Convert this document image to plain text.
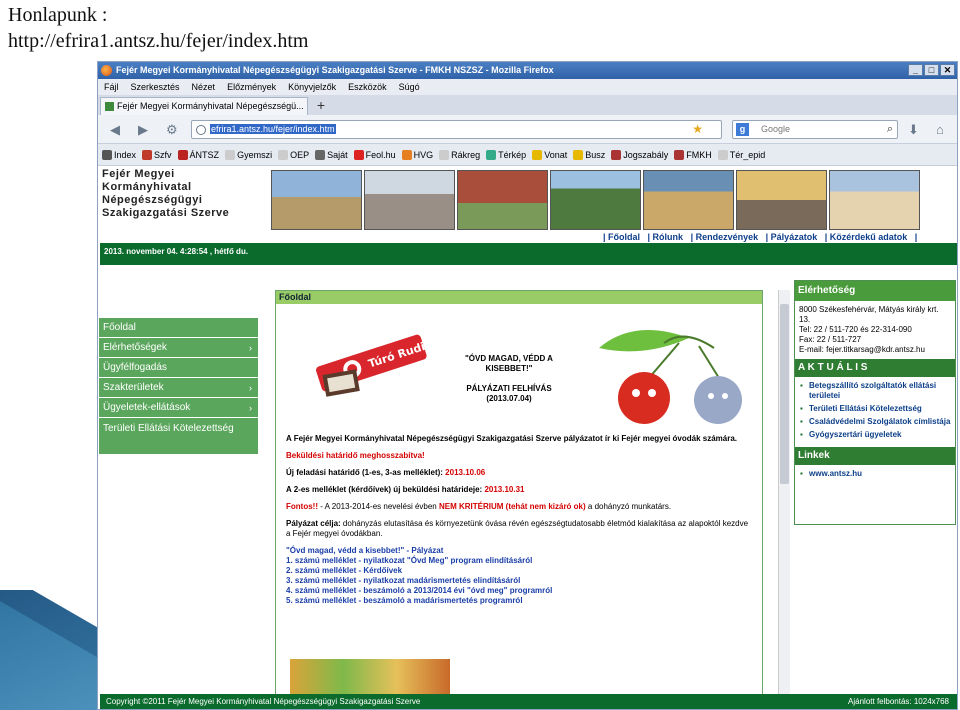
Honlapunk :
http://efrira1.antsz.hu/fejer/index.htm
Fejér Megyei Kormányhivatal Népegészségügyi Szakigazgatási Szerve - FMKH NSZSZ - Mozilla Firefox	_	□	✕
Fájl Szerkesztés Nézet Előzmények Könyvjelzők Eszközök Súgó
Fejér Megyei Kormányhivatal Népegészségü... +
◀ ▶ ⚙	efrira1.antsz.hu/fejer/index.htm	★	g	Google	⌕ ⬇ ⌂
Index Szfv ÁNTSZ Gyemszi OEP Saját Feol.hu HVG Rákreg Térkép Vonat Busz Jogszabály FMKH Tér_epid
Fejér Megyei
Kormányhivatal
Népegészségügyi
Szakigazgatási Szerve
| Főoldal | Rólunk | Rendezvények | Pályázatok | Közérdekű adatok |
2013. november 04. 4:28:54 , hétfő du.
Főoldal
Elérhetőségek	›
Ügyfélfogadás
Szakterületek	›
Ügyeletek-ellátások	›
Területi Ellátási Kötelezettség
Főoldal
Túró Rudi	"ÓVD MAGAD, VÉDD A KISEBBET!"

PÁLYÁZATI FELHÍVÁS
(2013.07.04)

A Fejér Megyei Kormányhivatal Népegészségügyi Szakigazgatási Szerve pályázatot ír ki Fejér megyei óvodák számára.

Beküldési határidő meghosszabítva!

Új feladási határidő (1-es, 3-as melléklet): 2013.10.06

A 2-es melléklet (kérdőívek) új beküldési határideje: 2013.10.31

Fontos!! - A 2013-2014-es nevelési évben NEM KRITÉRIUM (tehát nem kizáró ok) a dohányzó munkatárs.

Pályázat célja: dohányzás elutasítása és környezetünk óvása révén egészségtudatosabb életmód kialakítása az alapoktól kezdve a Fejér megyei óvodákban.

"Óvd magad, védd a kisebbet!" - Pályázat
1. számú melléklet - nyilatkozat "Óvd Meg" program elindításáról
2. számú melléklet - Kérdőívek
3. számú melléklet - nyilatkozat madárismertetés elindításáról
4. számú melléklet - beszámoló a 2013/2014 évi "óvd meg" programról
5. számú melléklet - beszámoló a madárismertetés programról
Elérhetőség
8000 Székesfehérvár, Mátyás király krt. 13.
Tel: 22 / 511-720 és 22-314-090
Fax: 22 / 511-727
E-mail: fejer.titkarsag@kdr.antsz.hu
A K T U Á L I S
▪ Betegszállító szolgáltatók ellátási területei
▪ Területi Ellátási Kötelezettség
▪ Családvédelmi Szolgálatok címlistája
▪ Gyógyszertári ügyeletek
Linkek
▪ www.antsz.hu
Copyright ©2011 Fejér Megyei Kormányhivatal Népegészségügyi Szakigazgatási Szerve	Ajánlott felbontás: 1024x768
